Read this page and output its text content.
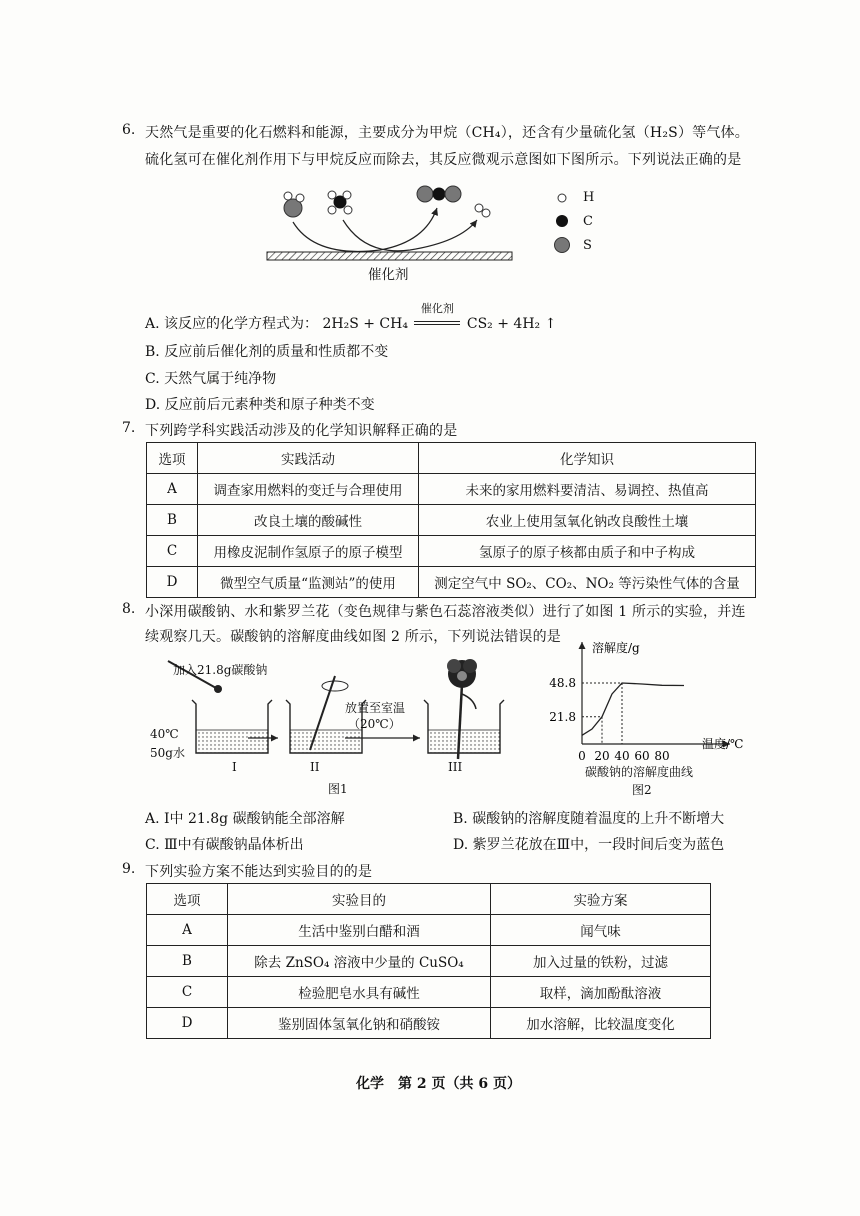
6. 天然气是重要的化石燃料和能源，主要成分为甲烷（CH₄），还含有少量硫化氢（H₂S）等气体。
硫化氢可在催化剂作用下与甲烷反应而除去，其反应微观示意图如下图所示。下列说法正确的是
H
C
S
催化剂
A. 该反应的化学方程式为： 2H₂S + CH₄
催化剂
CS₂ + 4H₂ ↑
B. 反应前后催化剂的质量和性质都不变
C. 天然气属于纯净物
D. 反应前后元素种类和原子种类不变
7. 下列跨学科实践活动涉及的化学知识解释正确的是
选项	实践活动	化学知识
A	调查家用燃料的变迁与合理使用	未来的家用燃料要清洁、易调控、热值高
B	改良土壤的酸碱性	农业上使用氢氧化钠改良酸性土壤
C	用橡皮泥制作氢原子的原子模型	氢原子的原子核都由质子和中子构成
D	微型空气质量“监测站”的使用	测定空气中 SO₂、CO₂、NO₂ 等污染性气体的含量
8. 小深用碳酸钠、水和紫罗兰花（变色规律与紫色石蕊溶液类似）进行了如图 1 所示的实验，并连
续观察几天。碳酸钠的溶解度曲线如图 2 所示，下列说法错误的是
加入21.8g碳酸钠
40℃
50g水
放置至室温
（20℃）
I	II	III
图1
0 20 40 60 80
48.8
21.8
溶解度/g
温度/℃
碳酸钠的溶解度曲线
图2
A. Ⅰ中 21.8g 碳酸钠能全部溶解	B. 碳酸钠的溶解度随着温度的上升不断增大
C. Ⅲ中有碳酸钠晶体析出	D. 紫罗兰花放在Ⅲ中，一段时间后变为蓝色
9. 下列实验方案不能达到实验目的的是
选项	实验目的	实验方案
A	生活中鉴别白醋和酒	闻气味
B	除去 ZnSO₄ 溶液中少量的 CuSO₄	加入过量的铁粉，过滤
C	检验肥皂水具有碱性	取样，滴加酚酞溶液
D	鉴别固体氢氧化钠和硝酸铵	加水溶解，比较温度变化
化学　第 2 页（共 6 页）
